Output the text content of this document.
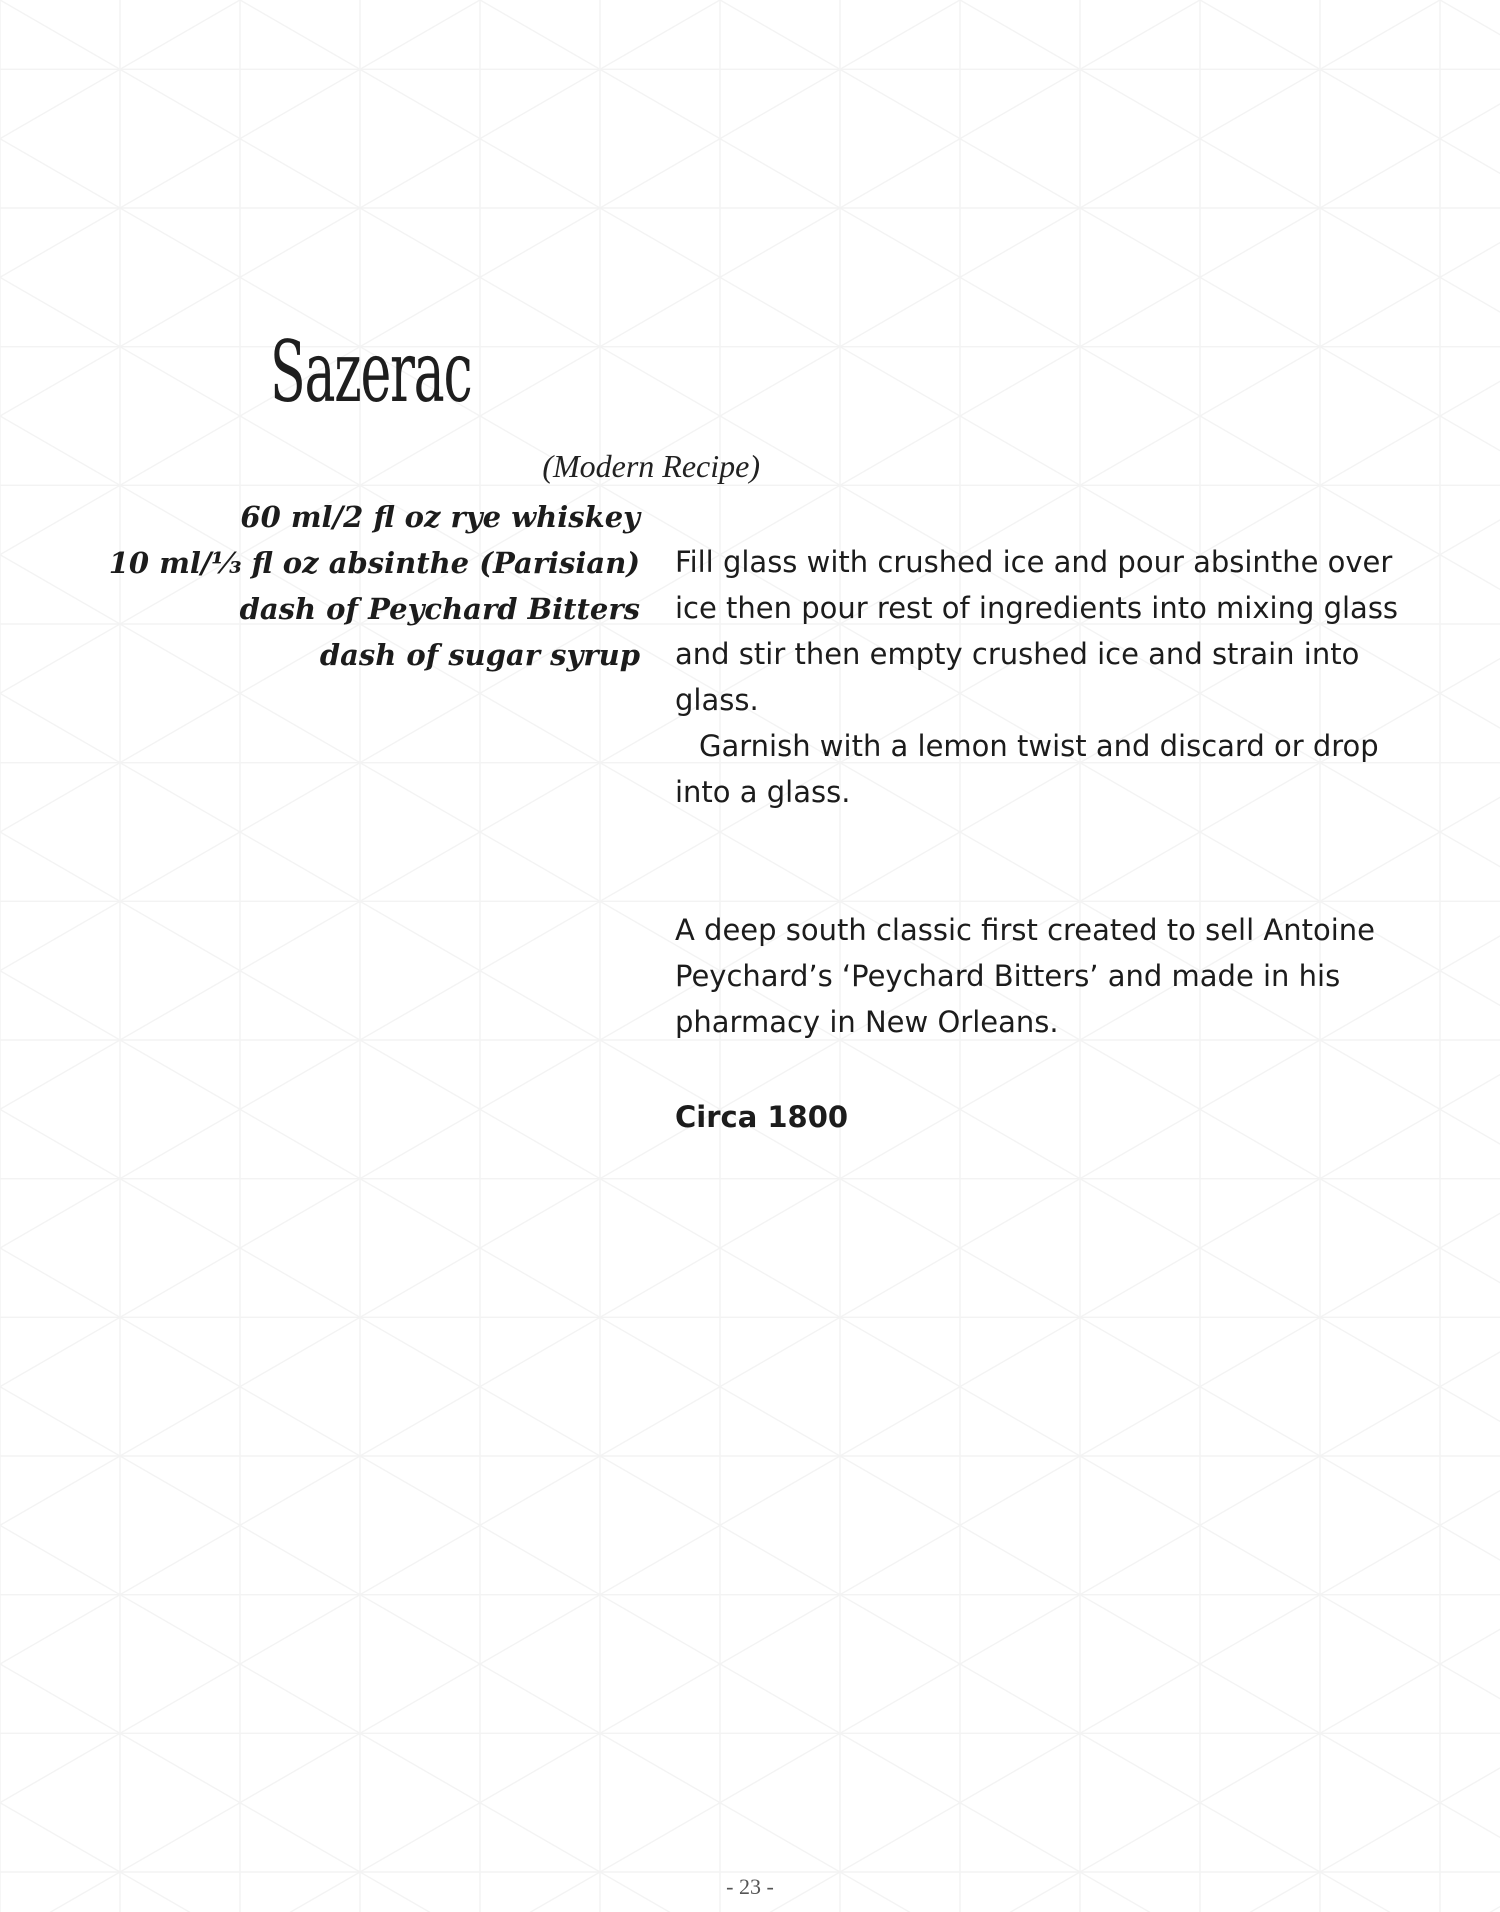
Sazerac
(Modern Recipe)
60 ml/2 fl oz rye whiskey
10 ml/⅓ fl oz absinthe (Parisian)
dash of Peychard Bitters
dash of sugar syrup

Fill glass with crushed ice and pour absinthe over ice then pour rest of ingredients into mixing glass and stir then empty crushed ice and strain into glass.

Garnish with a lemon twist and discard or drop into a glass.

A deep south classic first created to sell Antoine Peychard’s ‘Peychard Bitters’ and made in his pharmacy in New Orleans.

Circa 1800

- 23 -
